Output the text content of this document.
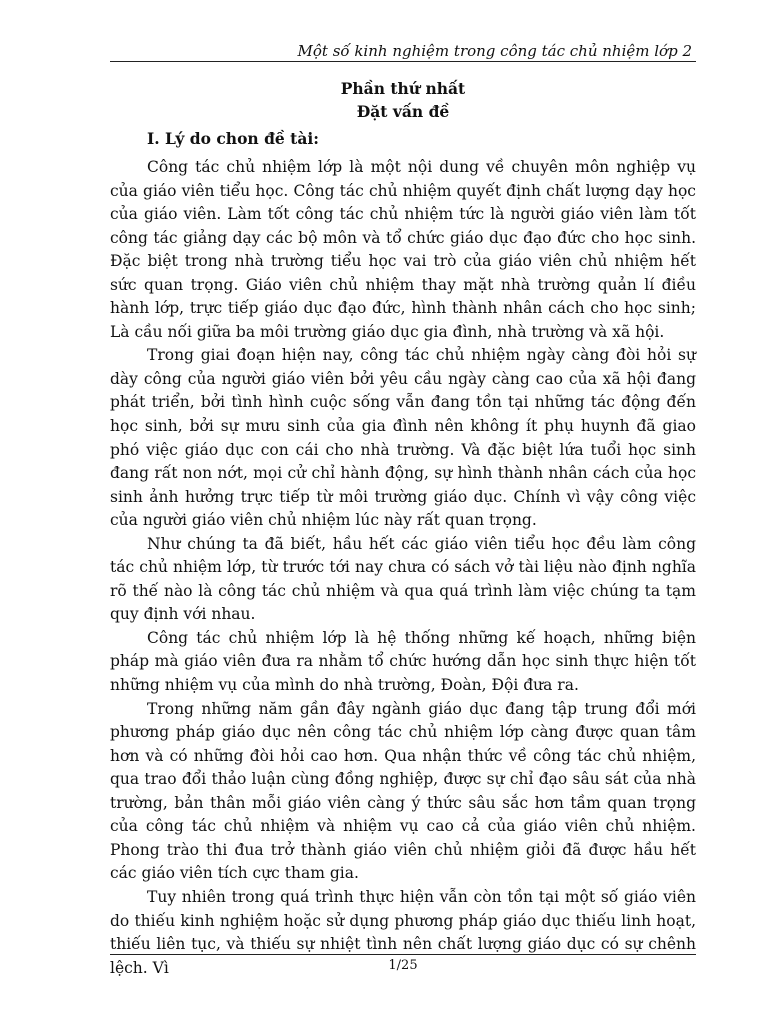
Một số kinh nghiệm trong công tác chủ nhiệm lớp 2
Phần thứ nhất
Đặt vấn đề
I. Lý do chon đề tài:

Công tác chủ nhiệm lớp là một nội dung về chuyên môn nghiệp vụ của giáo viên tiểu học. Công tác chủ nhiệm quyết định chất lượng dạy học của giáo viên. Làm tốt công tác chủ nhiệm tức là người giáo viên làm tốt công tác giảng dạy các bộ môn và tổ chức giáo dục đạo đức cho học sinh. Đặc biệt trong nhà trường tiểu học vai trò của giáo viên chủ nhiệm hết sức quan trọng. Giáo viên chủ nhiệm thay mặt nhà trường quản lí điều hành lớp, trực tiếp giáo dục đạo đức, hình thành nhân cách cho học sinh; Là cầu nối giữa ba môi trường giáo dục gia đình, nhà trường và xã hội.

Trong giai đoạn hiện nay, công tác chủ nhiệm ngày càng đòi hỏi sự dày công của người giáo viên bởi yêu cầu ngày càng cao của xã hội đang phát triển, bởi tình hình cuộc sống vẫn đang tồn tại những tác động đến học sinh, bởi sự mưu sinh của gia đình nên không ít phụ huynh đã giao phó việc giáo dục con cái cho nhà trường. Và đặc biệt lứa tuổi học sinh đang rất non nớt, mọi cử chỉ hành động, sự hình thành nhân cách của học sinh ảnh hưởng trực tiếp từ môi trường giáo dục. Chính vì vậy công việc của người giáo viên chủ nhiệm lúc này rất quan trọng.

Như chúng ta đã biết, hầu hết các giáo viên tiểu học đều làm công tác chủ nhiệm lớp, từ trước tới nay chưa có sách vở tài liệu nào định nghĩa rõ thế nào là công tác chủ nhiệm và qua quá trình làm việc chúng ta tạm quy định với nhau.

Công tác chủ nhiệm lớp là hệ thống những kế hoạch, những biện pháp mà giáo viên đưa ra nhằm tổ chức hướng dẫn học sinh thực hiện tốt những nhiệm vụ của mình do nhà trường, Đoàn, Đội đưa ra.

Trong những năm gần đây ngành giáo dục đang tập trung đổi mới phương pháp giáo dục nên công tác chủ nhiệm lớp càng được quan tâm hơn và có những đòi hỏi cao hơn. Qua nhận thức về công tác chủ nhiệm, qua trao đổi thảo luận cùng đồng nghiệp, được sự chỉ đạo sâu sát của nhà trường, bản thân mỗi giáo viên càng ý thức sâu sắc hơn tầm quan trọng của công tác chủ nhiệm và nhiệm vụ cao cả của giáo viên chủ nhiệm. Phong trào thi đua trở thành giáo viên chủ nhiệm giỏi đã được hầu hết các giáo viên tích cực tham gia.

Tuy nhiên trong quá trình thực hiện vẫn còn tồn tại một số giáo viên do thiếu kinh nghiệm hoặc sử dụng phương pháp giáo dục thiếu linh hoạt, thiếu liên tục, và thiếu sự nhiệt tình nên chất lượng giáo dục có sự chênh lệch. Vì	1/25
